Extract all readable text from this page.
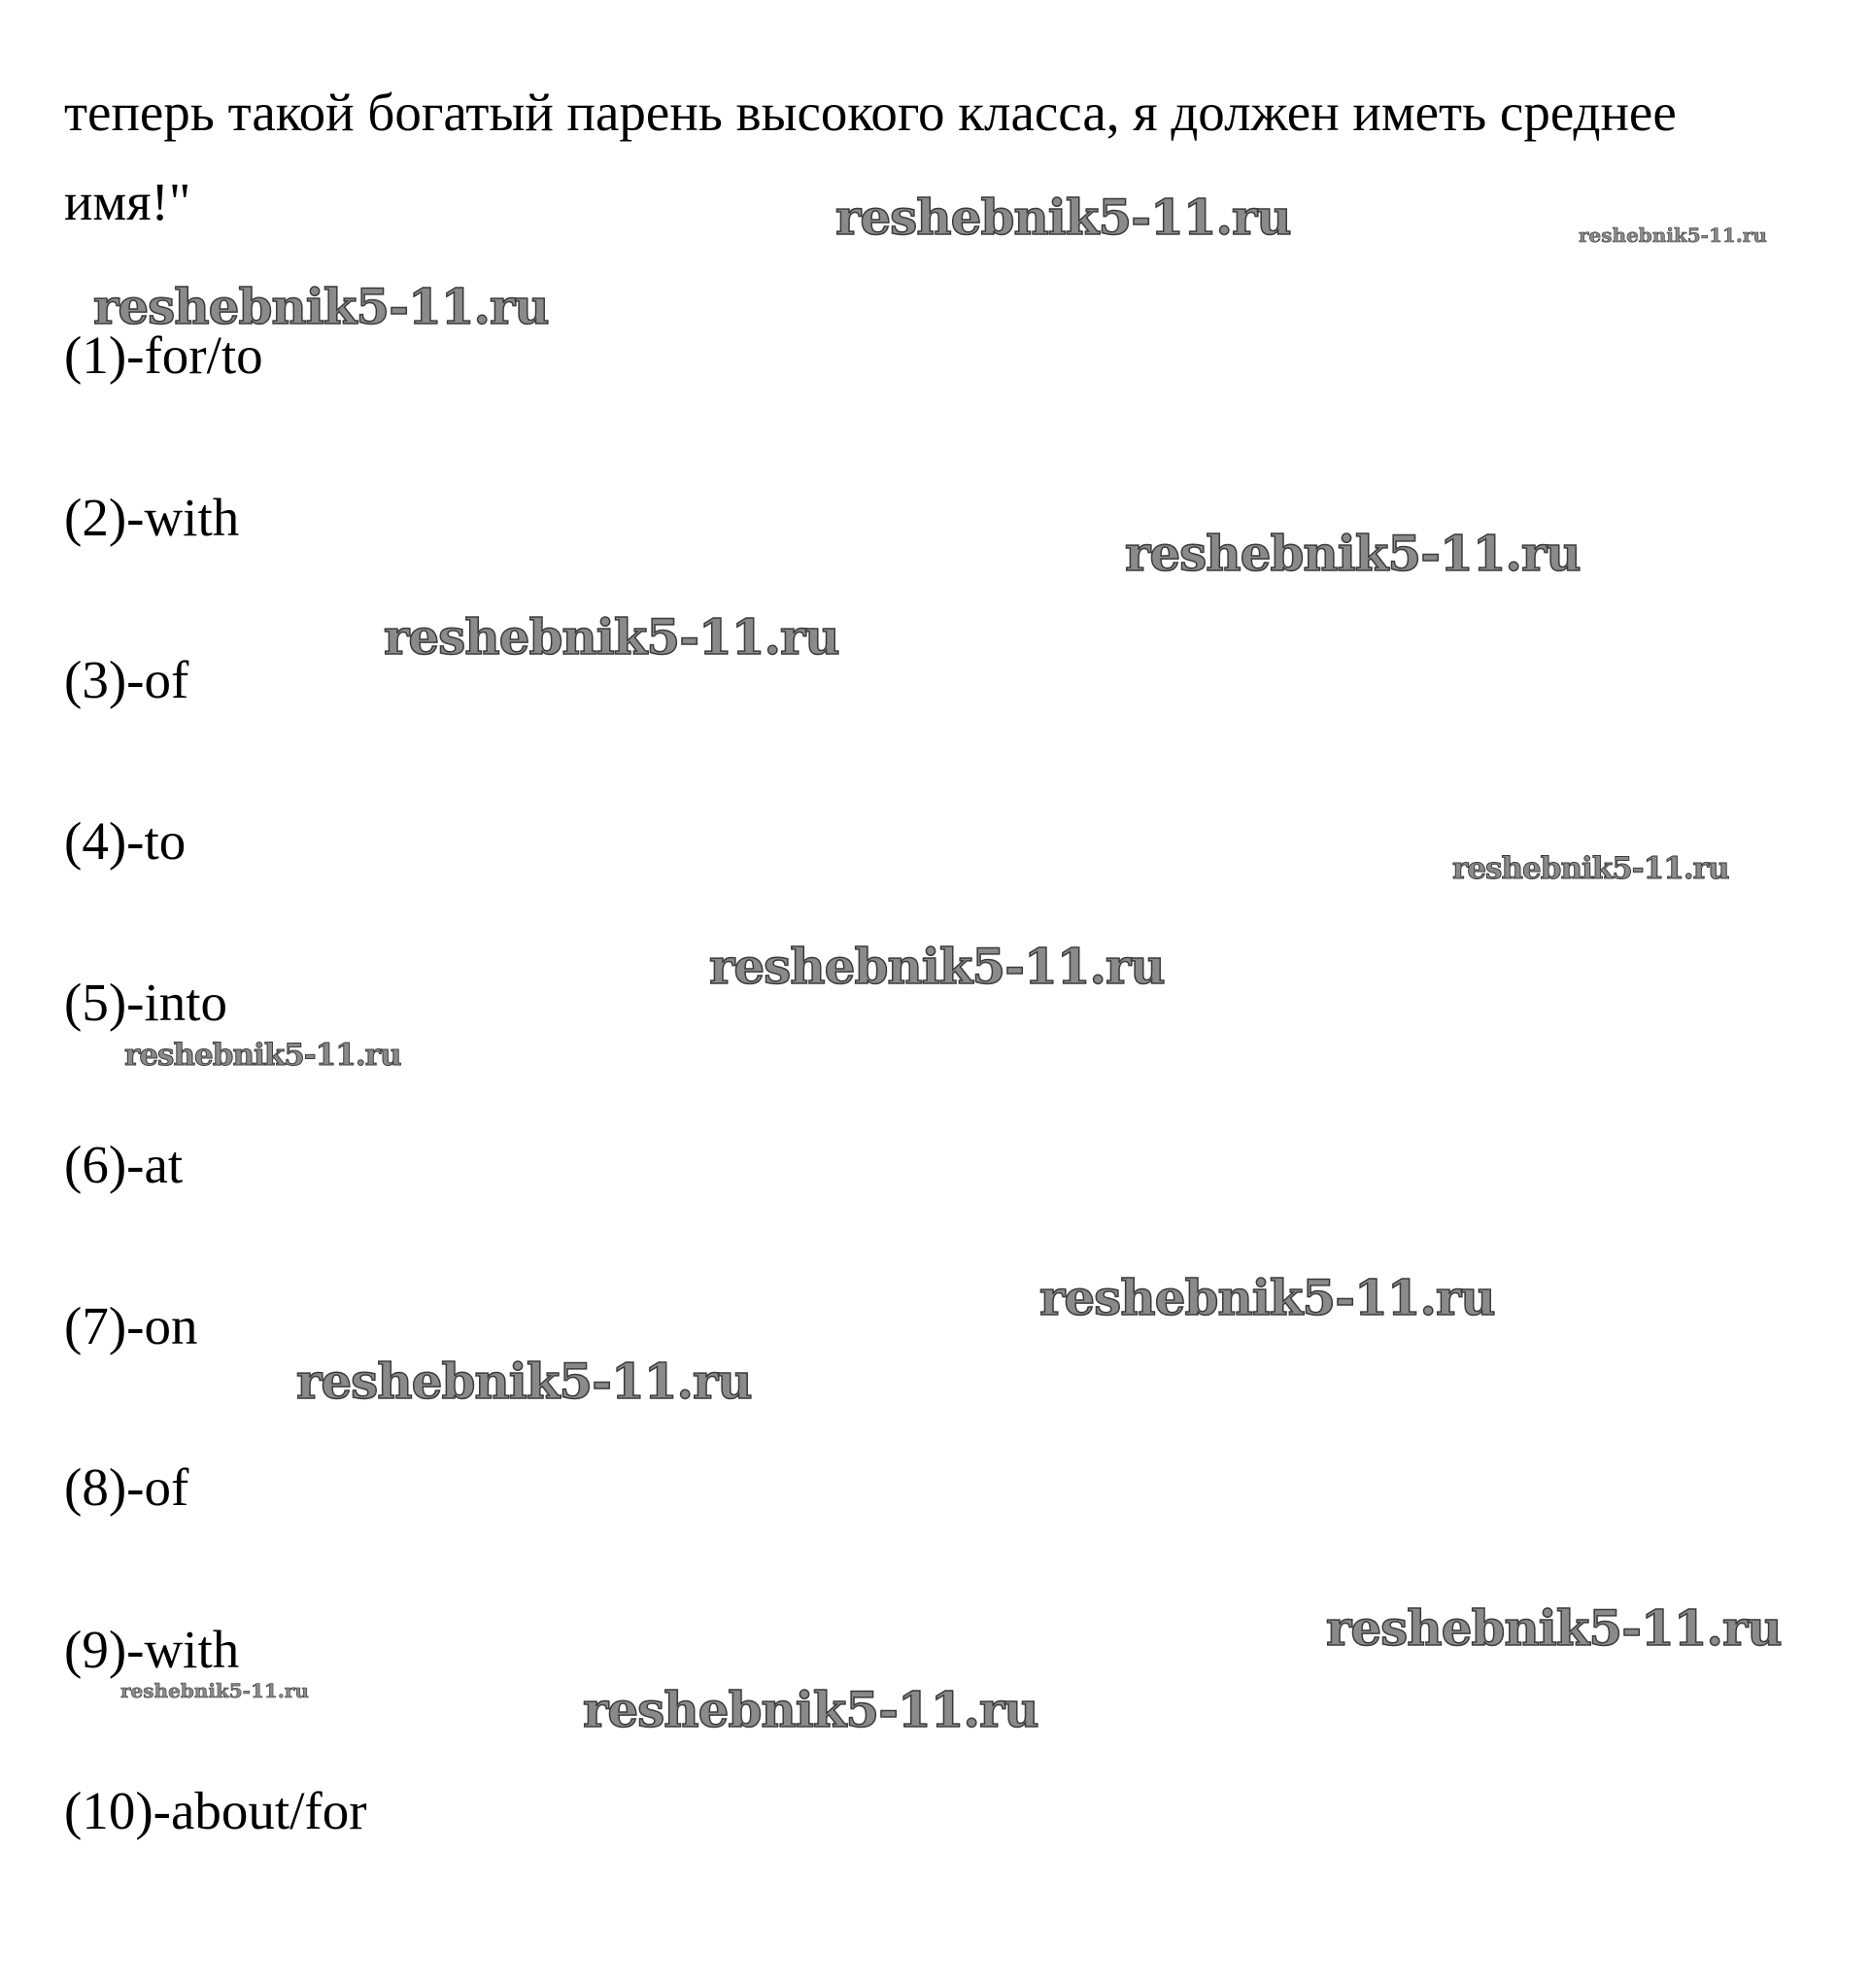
теперь такой богатый парень высокого класса, я должен иметь среднее
имя!"
(1)-for/to
(2)-with
(3)-of
(4)-to
(5)-into
(6)-at
(7)-on
(8)-of
(9)-with
(10)-about/for
reshebnik5-11.ru	reshebnik5-11.ru
reshebnik5-11.ru
reshebnik5-11.ru
reshebnik5-11.ru
reshebnik5-11.ru
reshebnik5-11.ru
reshebnik5-11.ru
reshebnik5-11.ru
reshebnik5-11.ru
reshebnik5-11.ru
reshebnik5-11.ru	reshebnik5-11.ru
